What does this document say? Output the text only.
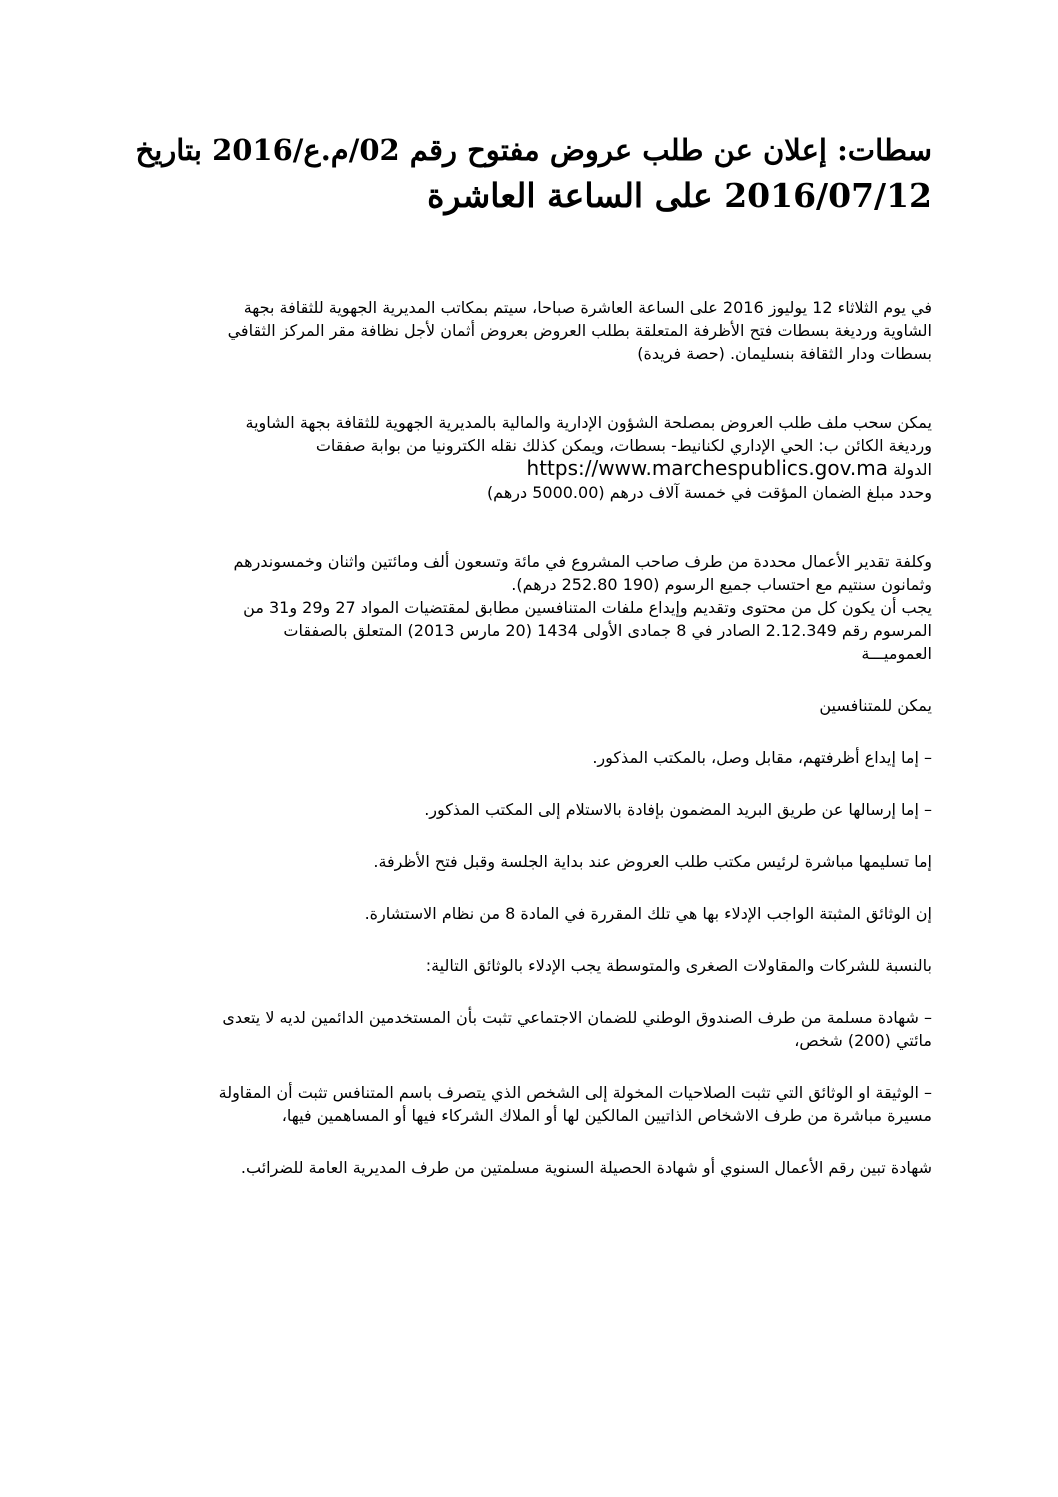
سطات: إعلان عن طلب عروض مفتوح رقم 02/م.ع/2016 بتاريخ
2016/07/12 على الساعة العاشرة

في يوم الثلاثاء 12 يوليوز 2016 على الساعة العاشرة صباحا، سيتم بمكاتب المديرية الجهوية للثقافة بجهة
الشاوية ورديغة بسطات فتح الأظرفة المتعلقة بطلب العروض بعروض أثمان لأجل نظافة مقر المركز الثقافي
بسطات ودار الثقافة بنسليمان. (حصة فريدة)

يمكن سحب ملف طلب العروض بمصلحة الشؤون الإدارية والمالية بالمديرية الجهوية للثقافة بجهة الشاوية
ورديغة الكائن ب: الحي الإداري لكنانيط- بسطات، ويمكن كذلك نقله الكترونيا من بوابة صفقات
الدولة https://www.marchespublics.gov.ma
وحدد مبلغ الضمان المؤقت في خمسة آلاف درهم (5000.00 درهم)

وكلفة تقدير الأعمال محددة من طرف صاحب المشروع في مائة وتسعون ألف ومائتين واثنان وخمسوندرهم
وثمانون سنتيم مع احتساب جميع الرسوم (190 252.80 درهم).
يجب أن يكون كل من محتوى وتقديم وإيداع ملفات المتنافسين مطابق لمقتضيات المواد 27 و29 و31 من
المرسوم رقم 2.12.349 الصادر في 8 جمادى الأولى 1434 (20 مارس 2013) المتعلق بالصفقات
العموميـــة

يمكن للمتنافسين

– إما إيداع أظرفتهم، مقابل وصل، بالمكتب المذكور.

– إما إرسالها عن طريق البريد المضمون بإفادة بالاستلام إلى المكتب المذكور.

إما تسليمها مباشرة لرئيس مكتب طلب العروض عند بداية الجلسة وقبل فتح الأظرفة.

إن الوثائق المثبتة الواجب الإدلاء بها هي تلك المقررة في المادة 8 من نظام الاستشارة.

بالنسبة للشركات والمقاولات الصغرى والمتوسطة يجب الإدلاء بالوثائق التالية:

– شهادة مسلمة من طرف الصندوق الوطني للضمان الاجتماعي تثبت بأن المستخدمين الدائمين لديه لا يتعدى
مائتي (200) شخص،

– الوثيقة او الوثائق التي تثبت الصلاحيات المخولة إلى الشخص الذي يتصرف باسم المتنافس تثبت أن المقاولة
مسيرة مباشرة من طرف الاشخاص الذاتيين المالكين لها أو الملاك الشركاء فيها أو المساهمين فيها،

شهادة تبين رقم الأعمال السنوي أو شهادة الحصيلة السنوية مسلمتين من طرف المديرية العامة للضرائب.
